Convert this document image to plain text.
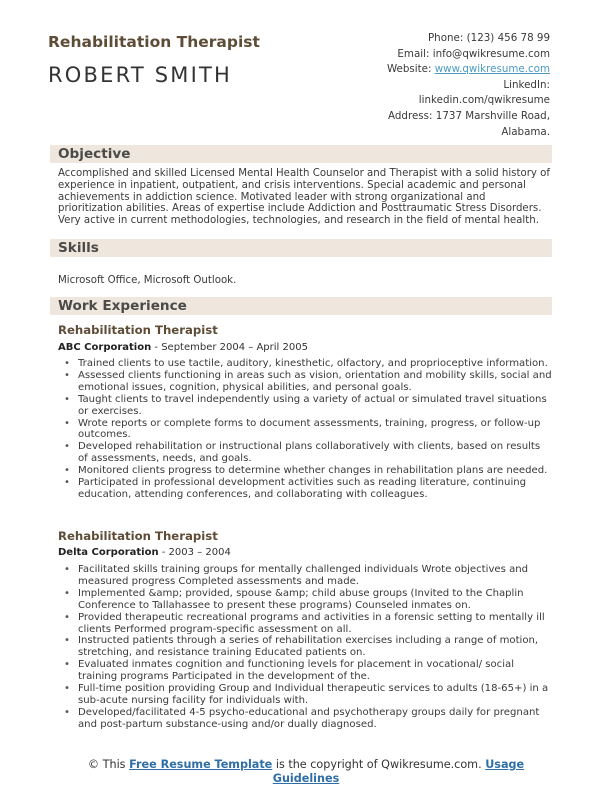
Rehabilitation Therapist
ROBERT SMITH
Phone: (123) 456 78 99
Email: info@qwikresume.com
Website: www.qwikresume.com
LinkedIn:
linkedin.com/qwikresume
Address: 1737 Marshville Road,
Alabama.
Objective
Accomplished and skilled Licensed Mental Health Counselor and Therapist with a solid history of experience in inpatient, outpatient, and crisis interventions. Special academic and personal achievements in addiction science. Motivated leader with strong organizational and prioritization abilities. Areas of expertise include Addiction and Posttraumatic Stress Disorders. Very active in current methodologies, technologies, and research in the field of mental health.
Skills
Microsoft Office, Microsoft Outlook.
Work Experience
Rehabilitation Therapist
ABC Corporation - September 2004 – April 2005
• Trained clients to use tactile, auditory, kinesthetic, olfactory, and proprioceptive information.
• Assessed clients functioning in areas such as vision, orientation and mobility skills, social and emotional issues, cognition, physical abilities, and personal goals.
• Taught clients to travel independently using a variety of actual or simulated travel situations or exercises.
• Wrote reports or complete forms to document assessments, training, progress, or follow-up outcomes.
• Developed rehabilitation or instructional plans collaboratively with clients, based on results of assessments, needs, and goals.
• Monitored clients progress to determine whether changes in rehabilitation plans are needed.
• Participated in professional development activities such as reading literature, continuing education, attending conferences, and collaborating with colleagues.
Rehabilitation Therapist
Delta Corporation - 2003 – 2004
• Facilitated skills training groups for mentally challenged individuals Wrote objectives and measured progress Completed assessments and made.
• Implemented &amp; provided, spouse &amp; child abuse groups (Invited to the Chaplin Conference to Tallahassee to present these programs) Counseled inmates on.
• Provided therapeutic recreational programs and activities in a forensic setting to mentally ill clients Performed program-specific assessment on all.
• Instructed patients through a series of rehabilitation exercises including a range of motion, stretching, and resistance training Educated patients on.
• Evaluated inmates cognition and functioning levels for placement in vocational/ social training programs Participated in the development of the.
• Full-time position providing Group and Individual therapeutic services to adults (18-65+) in a sub-acute nursing facility for individuals with.
• Developed/facilitated 4-5 psycho-educational and psychotherapy groups daily for pregnant and post-partum substance-using and/or dually diagnosed.
© This Free Resume Template is the copyright of Qwikresume.com. Usage
Guidelines
